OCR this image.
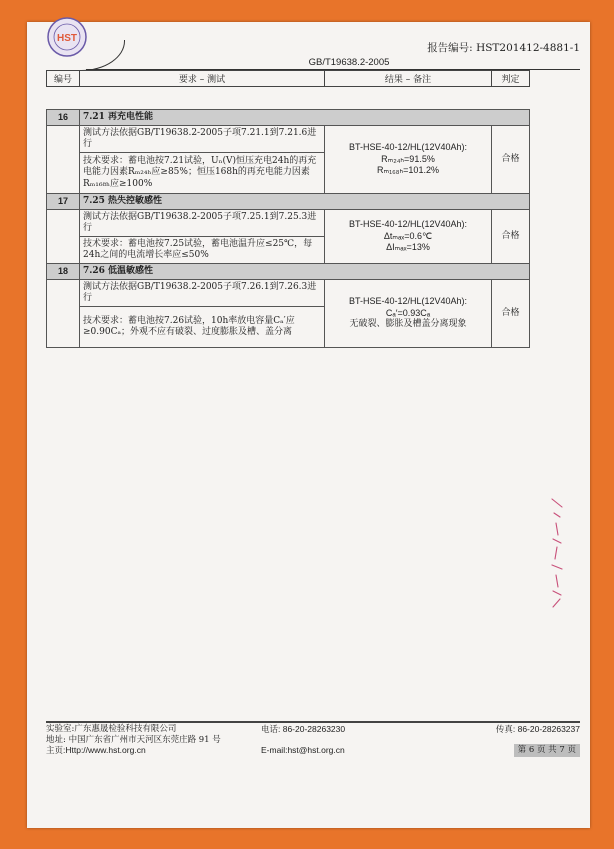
HST
报告编号: HST201412-4881-1
GB/T19638.2-2005
编号	要求 – 测试	结果 – 备注	判定

16	7.21 再充电性能		
	测试方法依据GB/T19638.2-2005子项7.21.1到7.21.6进行	BT-HSE-40-12/HL(12V40Ah):
Rₘ₂₄ₕ=91.5%
Rₘ₁₆₈ₕ=101.2%	合格
	技术要求：蓄电池按7.21试验，Uₙ(V)恒压充电24h的再充电能力因素Rₘ₂₄ₕ应≥85%；恒压168h的再充电能力因素Rₘ₁₆₈ₕ应≥100%		
17	7.25 热失控敏感性		
	测试方法依据GB/T19638.2-2005子项7.25.1到7.25.3进行	BT-HSE-40-12/HL(12V40Ah):
Δtₘₐₓ=0.6℃
ΔIₘₐₓ=13%	合格
	技术要求：蓄电池按7.25试验，蓄电池温升应≤25℃，每24h之间的电流增长率应≤50%		
18	7.26 低温敏感性		
	测试方法依据GB/T19638.2-2005子项7.26.1到7.26.3进行	BT-HSE-40-12/HL(12V40Ah):
Cₐ′=0.93Cₐ
无破裂、膨胀及槽盖分离现象	合格
	技术要求：蓄电池按7.26试验，10h率放电容量Cₐ′应≥0.90Cₐ；外观不应有破裂、过度膨胀及槽、盖分离		
实验室:广东惠晟检验科技有限公司	电话: 86-20-28263230	传真: 86-20-28263237
地址: 中国广东省广州市天河区东莞庄路 91 号
主页:Http://www.hst.org.cn	E-mail:hst@hst.org.cn	第 6 页 共 7 页
